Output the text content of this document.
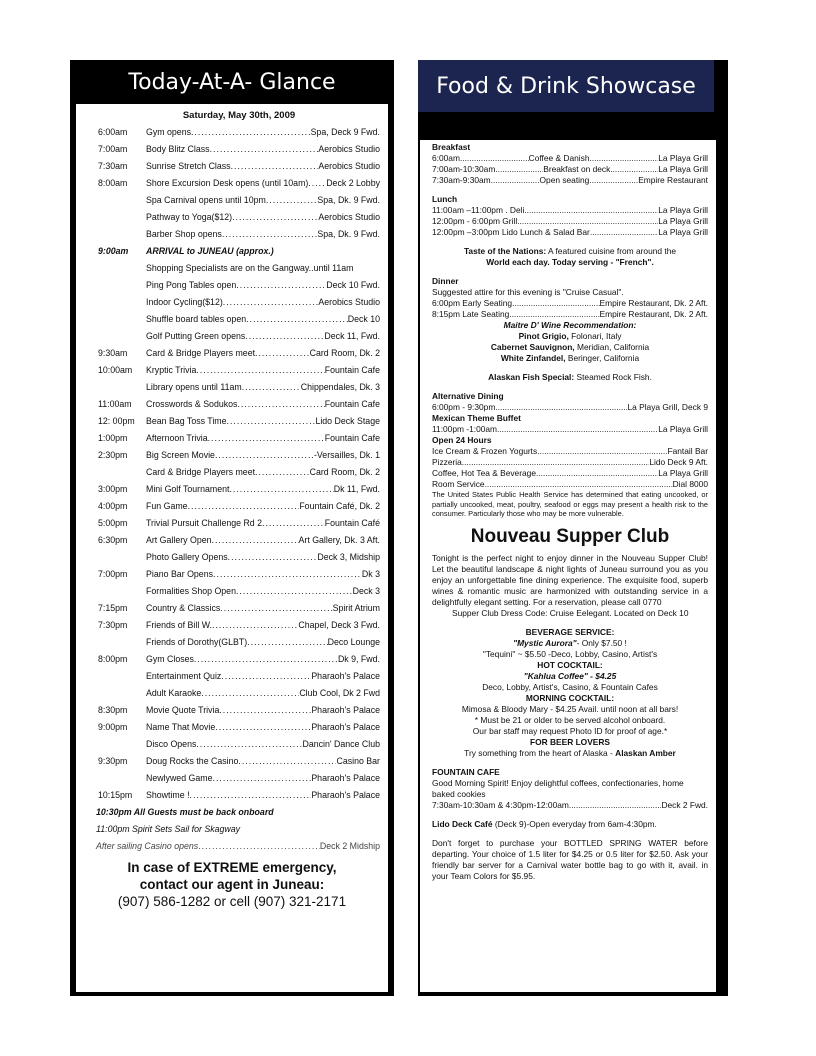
Today-At-A- Glance
Saturday, May 30th, 2009
6:00am	Gym opens .....	Spa, Deck 9 Fwd.
7:00am	Body Blitz Class .....	Aerobics Studio
7:30am	Sunrise Stretch Class .....	Aerobics Studio
8:00am	Shore Excursion Desk opens (until 10am) ..... Deck 2 Lobby
Spa Carnival opens until 10pm .....	Spa, Dk. 9 Fwd.
Pathway to Yoga($12) .....	Aerobics Studio
Barber Shop opens .....	Spa, Dk. 9 Fwd.
9:00am	ARRIVAL to JUNEAU (approx.)
Shopping Specialists are on the Gangway..until 11am
Ping Pong Tables open .....	Deck 10 Fwd.
Indoor Cycling($12) .....	Aerobics Studio
Shuffle board tables open .....	Deck 10
Golf Putting Green opens .....	Deck 11, Fwd.
9:30am	Card & Bridge Players meet .....	Card Room, Dk. 2
10:00am	Kryptic Trivia .....	Fountain Cafe
Library opens until 11am .....	Chippendales, Dk. 3
11:00am	Crosswords & Sodukos .....	Fountain Cafe
12: 00pm	Bean Bag Toss Time .....	Lido Deck Stage
1:00pm	Afternoon Trivia .....	Fountain Cafe
2:30pm	Big Screen Movie .....	-Versailles, Dk. 1
Card & Bridge Players meet .....	Card Room, Dk. 2
3:00pm	Mini Golf Tournament .....	Dk 11, Fwd.
4:00pm	Fun Game .....	Fountain Café, Dk. 2
5:00pm	Trivial Pursuit Challenge Rd 2 .....	Fountain Café
6:30pm	Art Gallery Open .....	Art Gallery, Dk. 3 Aft.
Photo Gallery Opens .....	Deck 3, Midship
7:00pm	Piano Bar Opens .....	Dk 3
Formalities Shop Open .....	Deck 3
7:15pm	Country & Classics .....	Spirit Atrium
7:30pm	Friends of Bill W. .....	Chapel, Deck 3 Fwd.
Friends of Dorothy(GLBT) .....	Deco Lounge
8:00pm	Gym Closes .....	Dk 9, Fwd.
Entertainment Quiz .....	Pharaoh's Palace
Adult Karaoke .....	Club Cool, Dk 2 Fwd
8:30pm	Movie Quote Trivia .....	Pharaoh's Palace
9:00pm	Name That Movie .....	Pharaoh's Palace
Disco Opens .....	Dancin' Dance Club
9:30pm	Doug Rocks the Casino .....	Casino Bar
Newlywed Game .....	Pharaoh's Palace
10:15pm	Showtime ! .....	Pharaoh's Palace
10:30pm All Guests must be back onboard
11:00pm Spirit Sets Sail for Skagway
After sailing Casino opens .....	Deck 2 Midship
In case of EXTREME emergency,
contact our agent in Juneau:
(907) 586-1282 or cell (907) 321-2171
Food & Drink Showcase
Breakfast
6:00am .....	Coffee & Danish .....	La Playa Grill
7:00am-10:30am .....	Breakfast on deck .....	La Playa Grill
7:30am-9:30am .....	Open seating .....	Empire Restaurant
Lunch
11:00am –11:00pm . Deli .....	La Playa Grill
12:00pm - 6:00pm Grill .....	La Playa Grill
12:00pm –3:00pm Lido Lunch & Salad Bar .....	La Playa Grill
Taste of the Nations: A featured cuisine from around the
World each day. Today serving - "French".
Dinner
Suggested attire for this evening is "Cruise Casual".
6:00pm Early Seating .....	Empire Restaurant, Dk. 2 Aft.
8:15pm Late Seating .....	Empire Restaurant, Dk. 2 Aft.
Maitre D' Wine Recommendation:
Pinot Grigio, Folonari, Italy
Cabernet Sauvignon, Meridian, California
White Zinfandel, Beringer, California
Alaskan Fish Special: Steamed Rock Fish.
Alternative Dining
6:00pm - 9:30pm .....	La Playa Grill, Deck 9
Mexican Theme Buffet
11:00pm -1:00am .....	La Playa Grill
Open 24 Hours
Ice Cream & Frozen Yogurts .....	Fantail Bar
Pizzeria .....	Lido Deck 9 Aft.
Coffee, Hot Tea & Beverage .....	La Playa Grill
Room Service .....	Dial 8000
The United States Public Health Service has determined that eating uncooked, or partially uncooked, meat, poultry, seafood or eggs may present a health risk to the consumer. Particularly those who may be more vulnerable.
Nouveau Supper Club
Tonight is the perfect night to enjoy dinner in the Nouveau Supper Club! Let the beautiful landscape & night lights of Juneau surround you as you enjoy an unforgettable fine dining experience. The exquisite food, superb wines & romantic music are harmonized with outstanding service in a delightfully elegant setting. For a reservation, please call 0770
Supper Club Dress Code: Cruise Eelegant. Located on Deck 10
BEVERAGE SERVICE:
"Mystic Aurora"- Only $7.50 !
"Tequini" ~ $5.50 -Deco, Lobby, Casino, Artist's
HOT COCKTAIL:
"Kahlua Coffee" - $4.25
Deco, Lobby, Artist's, Casino, & Fountain Cafes
MORNING COCKTAIL:
Mimosa & Bloody Mary - $4.25 Avail. until noon at all bars!
* Must be 21 or older to be served alcohol onboard.
Our bar staff may request Photo ID for proof of age.*
FOR BEER LOVERS
Try something from the heart of Alaska - Alaskan Amber
FOUNTAIN CAFE
Good Morning Spirit! Enjoy delightful coffees, confectionaries, home baked cookies
7:30am-10:30am & 4:30pm-12:00am .....	Deck 2 Fwd.
Lido Deck Café (Deck 9)-Open everyday from 6am-4:30pm.
Don't forget to purchase your BOTTLED SPRING WATER before departing. Your choice of 1.5 liter for $4.25 or 0.5 liter for $2.50. Ask your friendly bar server for a Carnival water bottle bag to go with it, avail. in your Team Colors for $5.95.
